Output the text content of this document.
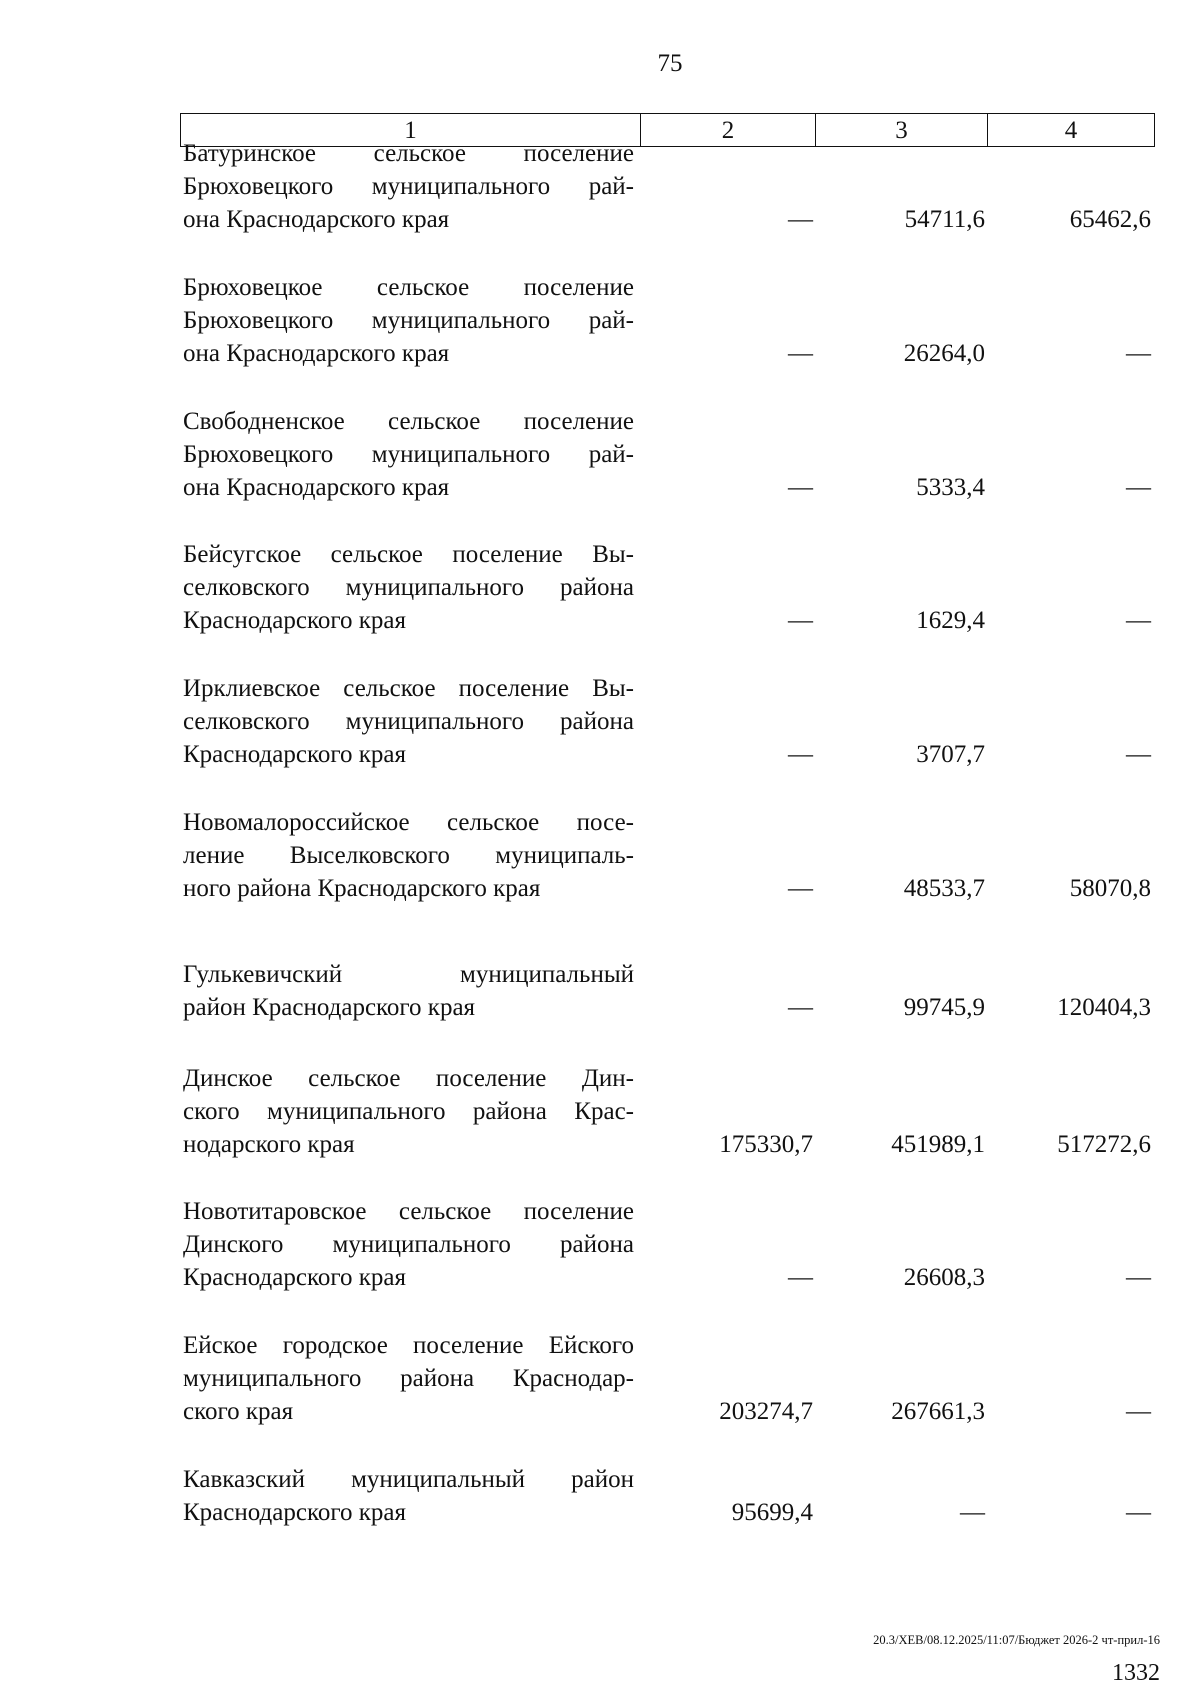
75
1	2	3	4
Батуринское сельское поселение
Брюховецкого муниципального рай-
она Краснодарского края	—	54711,6	65462,6
Брюховецкое сельское поселение
Брюховецкого муниципального рай-
она Краснодарского края	—	26264,0	—
Свободненское сельское поселение
Брюховецкого муниципального рай-
она Краснодарского края	—	5333,4	—
Бейсугское сельское поселение Вы-
селковского муниципального района
Краснодарского края	—	1629,4	—
Ирклиевское сельское поселение Вы-
селковского муниципального района
Краснодарского края	—	3707,7	—
Новомалороссийское сельское посе-
ление Выселковского муниципаль-
ного района Краснодарского края	—	48533,7	58070,8
Гулькевичский муниципальный
район Краснодарского края	—	99745,9	120404,3
Динское сельское поселение Дин-
ского муниципального района Крас-
нодарского края	175330,7	451989,1	517272,6
Новотитаровское сельское поселение
Динского муниципального района
Краснодарского края	—	26608,3	—
Ейское городское поселение Ейского
муниципального района Краснодар-
ского края	203274,7	267661,3	—
Кавказский муниципальный район
Краснодарского края	95699,4	—	—
20.3/ХЕВ/08.12.2025/11:07/Бюджет 2026-2 чт-прил-16
1332
